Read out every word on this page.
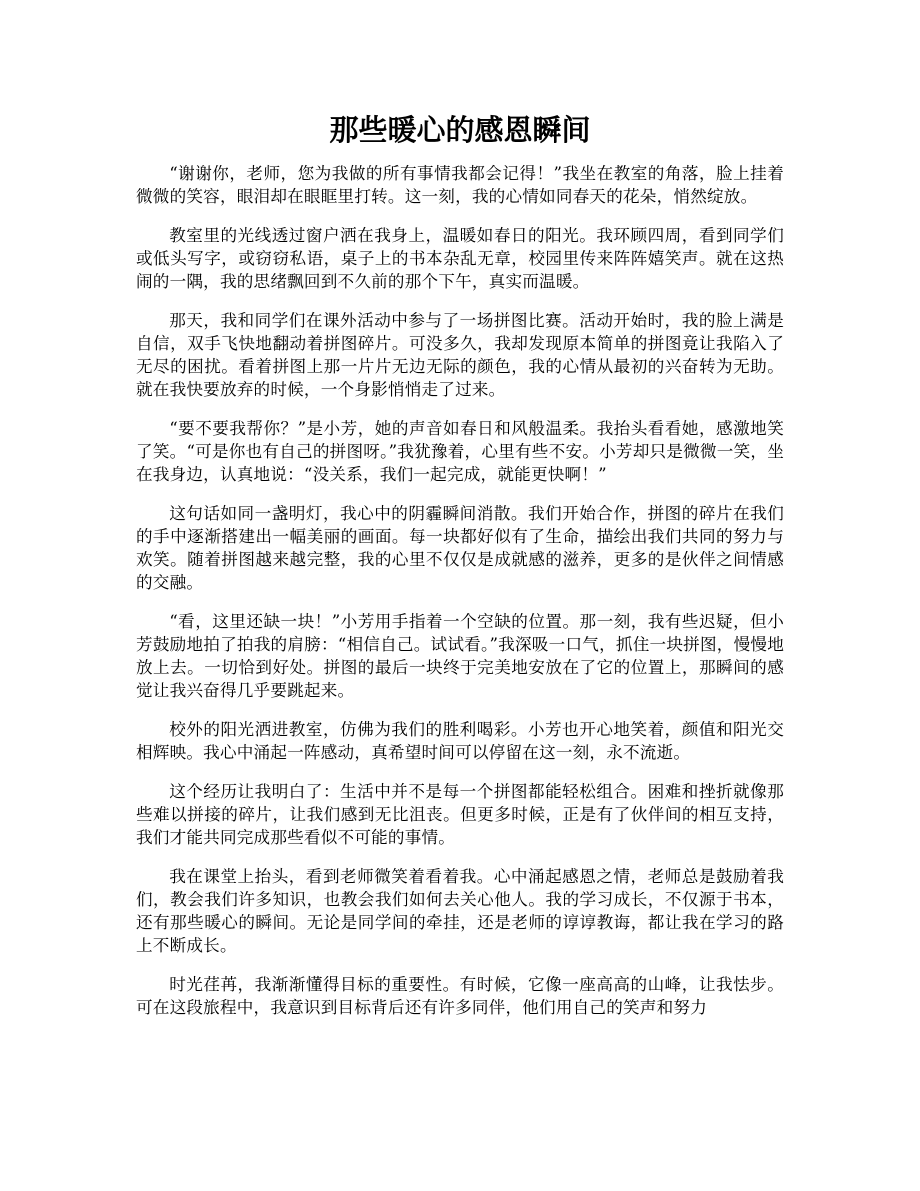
那些暖心的感恩瞬间

“谢谢你，老师，您为我做的所有事情我都会记得！”我坐在教室的角落，脸上挂着微微的笑容，眼泪却在眼眶里打转。这一刻，我的心情如同春天的花朵，悄然绽放。

教室里的光线透过窗户洒在我身上，温暖如春日的阳光。我环顾四周，看到同学们或低头写字，或窃窃私语，桌子上的书本杂乱无章，校园里传来阵阵嬉笑声。就在这热闹的一隅，我的思绪飘回到不久前的那个下午，真实而温暖。

那天，我和同学们在课外活动中参与了一场拼图比赛。活动开始时，我的脸上满是自信，双手飞快地翻动着拼图碎片。可没多久，我却发现原本简单的拼图竟让我陷入了无尽的困扰。看着拼图上那一片片无边无际的颜色，我的心情从最初的兴奋转为无助。就在我快要放弃的时候，一个身影悄悄走了过来。

“要不要我帮你？”是小芳，她的声音如春日和风般温柔。我抬头看看她，感激地笑了笑。“可是你也有自己的拼图呀。”我犹豫着，心里有些不安。小芳却只是微微一笑，坐在我身边，认真地说：“没关系，我们一起完成，就能更快啊！”

这句话如同一盏明灯，我心中的阴霾瞬间消散。我们开始合作，拼图的碎片在我们的手中逐渐搭建出一幅美丽的画面。每一块都好似有了生命，描绘出我们共同的努力与欢笑。随着拼图越来越完整，我的心里不仅仅是成就感的滋养，更多的是伙伴之间情感的交融。

“看，这里还缺一块！”小芳用手指着一个空缺的位置。那一刻，我有些迟疑，但小芳鼓励地拍了拍我的肩膀：“相信自己。试试看。”我深吸一口气，抓住一块拼图，慢慢地放上去。一切恰到好处。拼图的最后一块终于完美地安放在了它的位置上，那瞬间的感觉让我兴奋得几乎要跳起来。

校外的阳光洒进教室，仿佛为我们的胜利喝彩。小芳也开心地笑着，颜值和阳光交相辉映。我心中涌起一阵感动，真希望时间可以停留在这一刻，永不流逝。

这个经历让我明白了：生活中并不是每一个拼图都能轻松组合。困难和挫折就像那些难以拼接的碎片，让我们感到无比沮丧。但更多时候，正是有了伙伴间的相互支持，我们才能共同完成那些看似不可能的事情。

我在课堂上抬头，看到老师微笑着看着我。心中涌起感恩之情，老师总是鼓励着我们，教会我们许多知识，也教会我们如何去关心他人。我的学习成长，不仅源于书本，还有那些暖心的瞬间。无论是同学间的牵挂，还是老师的谆谆教诲，都让我在学习的路上不断成长。

时光荏苒，我渐渐懂得目标的重要性。有时候，它像一座高高的山峰，让我怯步。可在这段旅程中，我意识到目标背后还有许多同伴，他们用自己的笑声和努力
